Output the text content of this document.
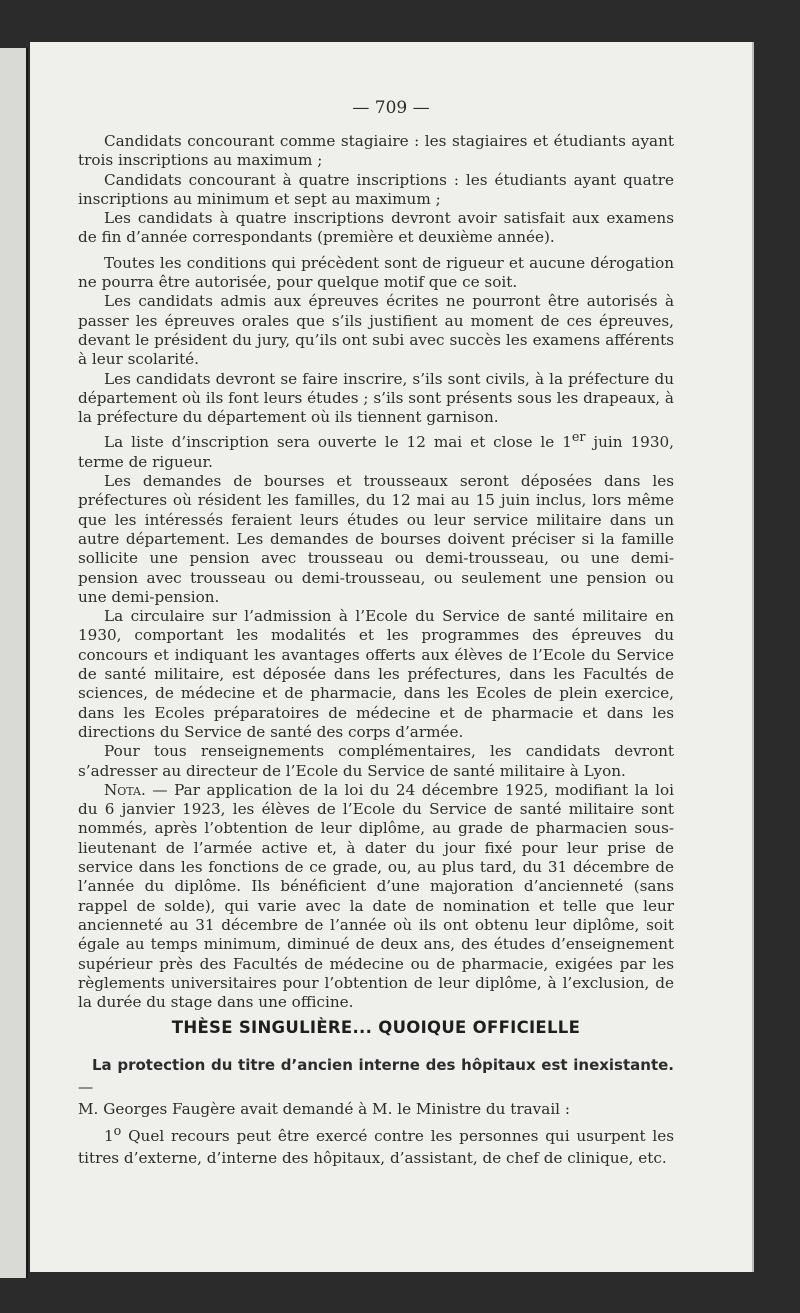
— 709 —

Candidats concourant comme stagiaire : les stagiaires et étudiants ayant trois inscriptions au maximum ;

Candidats concourant à quatre inscriptions : les étudiants ayant quatre inscriptions au minimum et sept au maximum ;

Les candidats à quatre inscriptions devront avoir satisfait aux examens de fin d’année correspondants (première et deuxième année).

Toutes les conditions qui précèdent sont de rigueur et aucune dérogation ne pourra être autorisée, pour quelque motif que ce soit.

Les candidats admis aux épreuves écrites ne pourront être autorisés à passer les épreuves orales que s’ils justifient au moment de ces épreuves, devant le président du jury, qu’ils ont subi avec succès les examens afférents à leur scolarité.

Les candidats devront se faire inscrire, s’ils sont civils, à la préfecture du département où ils font leurs études ; s’ils sont présents sous les drapeaux, à la préfecture du département où ils tiennent garnison.

La liste d’inscription sera ouverte le 12 mai et close le 1er juin 1930, terme de rigueur.

Les demandes de bourses et trousseaux seront déposées dans les préfectures où résident les familles, du 12 mai au 15 juin inclus, lors même que les intéressés feraient leurs études ou leur service militaire dans un autre département. Les demandes de bourses doivent préciser si la famille sollicite une pension avec trousseau ou demi-trousseau, ou une demi-pension avec trousseau ou demi-trousseau, ou seulement une pension ou une demi-pension.

La circulaire sur l’admission à l’Ecole du Service de santé militaire en 1930, comportant les modalités et les programmes des épreuves du concours et indiquant les avantages offerts aux élèves de l’Ecole du Service de santé militaire, est déposée dans les préfectures, dans les Facultés de sciences, de médecine et de pharmacie, dans les Ecoles de plein exercice, dans les Ecoles préparatoires de médecine et de pharmacie et dans les directions du Service de santé des corps d’armée.

Pour tous renseignements complémentaires, les candidats devront s’adresser au directeur de l’Ecole du Service de santé militaire à Lyon.

Nota. — Par application de la loi du 24 décembre 1925, modifiant la loi du 6 janvier 1923, les élèves de l’Ecole du Service de santé militaire sont nommés, après l’obtention de leur diplôme, au grade de pharmacien sous-lieutenant de l’armée active et, à dater du jour fixé pour leur prise de service dans les fonctions de ce grade, ou, au plus tard, du 31 décembre de l’année du diplôme. Ils bénéficient d’une majoration d’ancienneté (sans rappel de solde), qui varie avec la date de nomination et telle que leur ancienneté au 31 décembre de l’année où ils ont obtenu leur diplôme, soit égale au temps minimum, diminué de deux ans, des études d’enseignement supérieur près des Facultés de médecine ou de pharmacie, exigées par les règlements universitaires pour l’obtention de leur diplôme, à l’exclusion, de la durée du stage dans une officine.

THÈSE SINGULIÈRE... QUOIQUE OFFICIELLE

La protection du titre d’ancien interne des hôpitaux est inexistante. —

M. Georges Faugère avait demandé à M. le Ministre du travail :

1$^o$ Quel recours peut être exercé contre les personnes qui usurpent les titres d’externe, d’interne des hôpitaux, d’assistant, de chef de clinique, etc.
